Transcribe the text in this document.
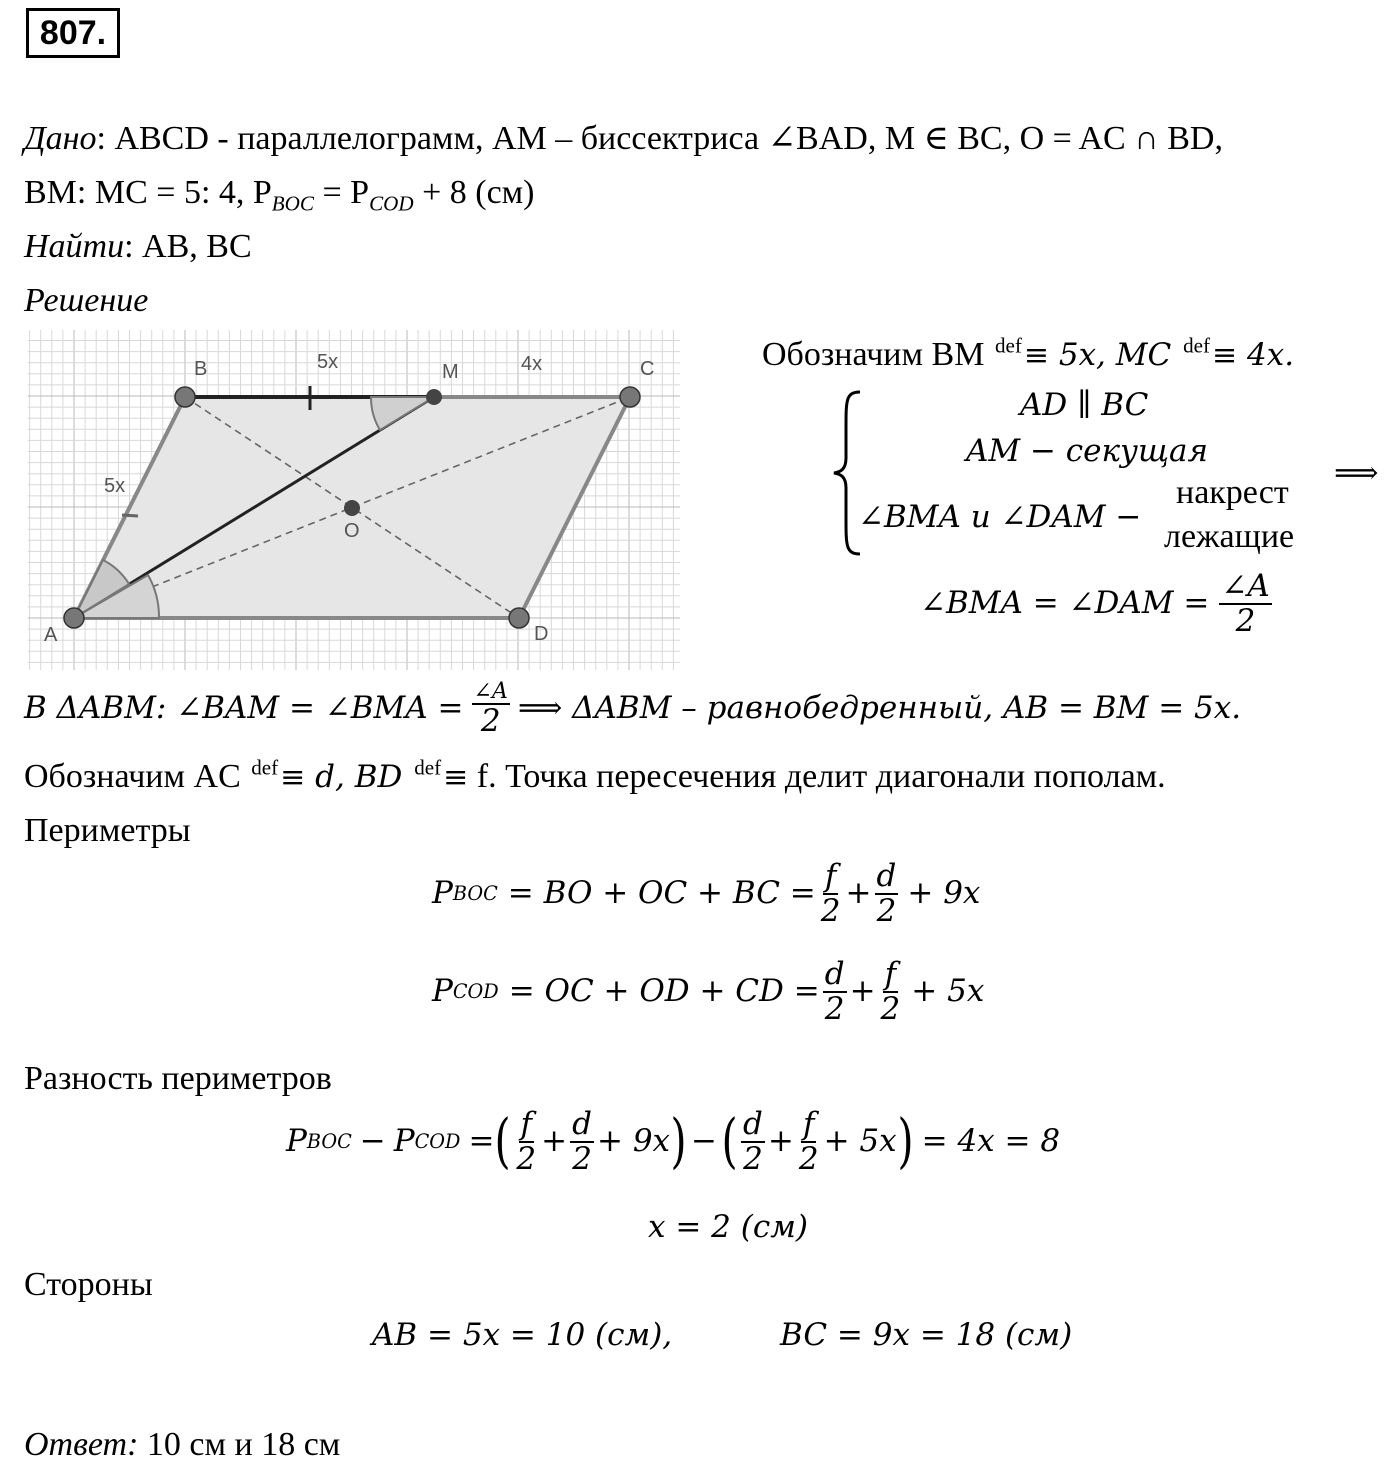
807.
Дано: ABCD - параллелограмм, AM – биссектриса ∠BAD, M ∈ BC, O = AC ∩ BD,
BM: MC = 5: 4, $P_{BOC} = P_{COD} + 8$ (см)
Найти: AB, BC
Решение
A
B	C
D
M
O
5x	4x
5x
Обозначим BM def≡ 5x, MC def≡ 4x.
AD ∥ BC
AM − секущая
∠BMA и ∠DAM −
накрест
лежащие
⟹
∠BMA = ∠DAM = $\frac{\angle A}{2}$
В ΔABM: ∠BAM = ∠BMA = $\frac{\angle A}{2}$ ⟹ ΔABM – равнобедренный, AB = BM = 5x.
Обозначим AC def≡ d, BD def≡ f. Точка пересечения делит диагонали пополам.
Периметры
P BOC = BO + OC + BC = $\frac{f}{2} + \frac{d}{2} + 9x$
P COD = OC + OD + CD = $\frac{d}{2} + \frac{f}{2} + 5x$
Разность периметров
P BOC − P COD = ( $\frac{f}{2} + \frac{d}{2} + 9x$ ) − ( $\frac{d}{2} + \frac{f}{2} + 5x$ ) = 4x = 8
x = 2 (см)
Стороны
AB = 5x = 10 (см),	BC = 9x = 18 (см)
Ответ: 10 см и 18 см
